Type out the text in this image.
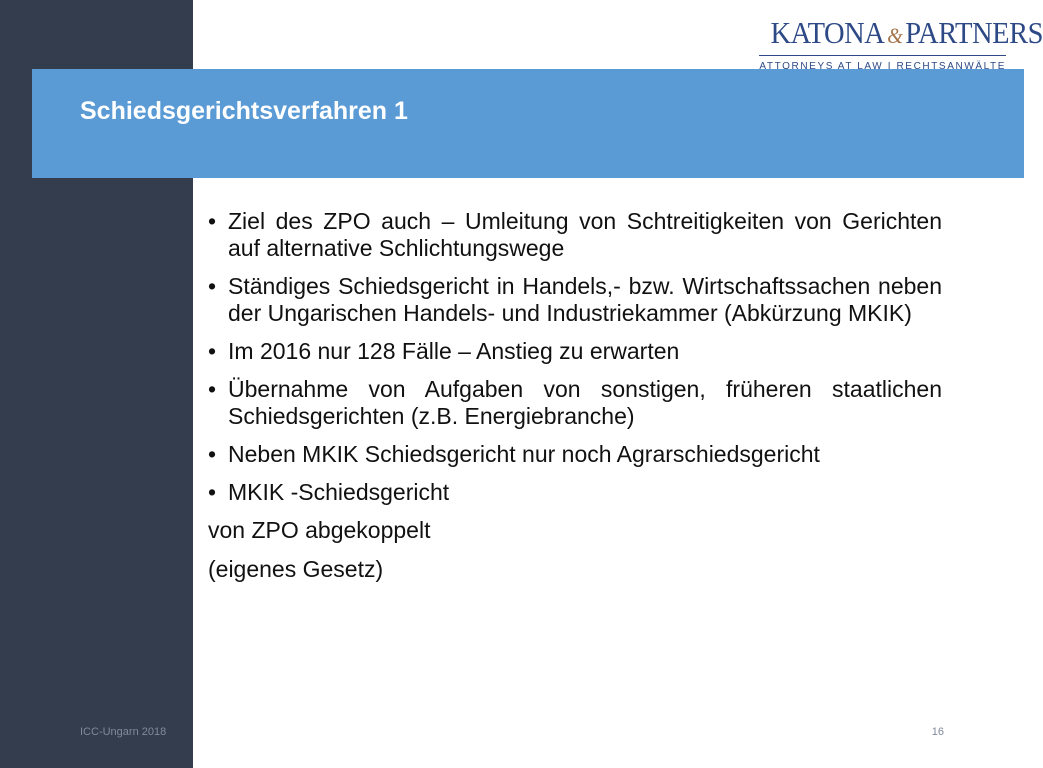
Schiedsgerichtsverfahren 1
KATONA &PARTNERS
ATTORNEYS AT LAW I RECHTSANWÄLTE
• Ziel des ZPO auch – Umleitung von Schtreitigkeiten von Gerichten auf alternative Schlichtungswege
• Ständiges Schiedsgericht in Handels,- bzw. Wirtschaftssachen neben der Ungarischen Handels- und Industriekammer (Abkürzung MKIK)
• Im 2016 nur 128 Fälle – Anstieg zu erwarten
• Übernahme von Aufgaben von sonstigen, früheren staatlichen Schiedsgerichten (z.B. Energiebranche)
• Neben MKIK Schiedsgericht nur noch Agrarschiedsgericht
• MKIK -Schiedsgericht
von ZPO abgekoppelt
(eigenes Gesetz)
ICC-Ungarn 2018	16
